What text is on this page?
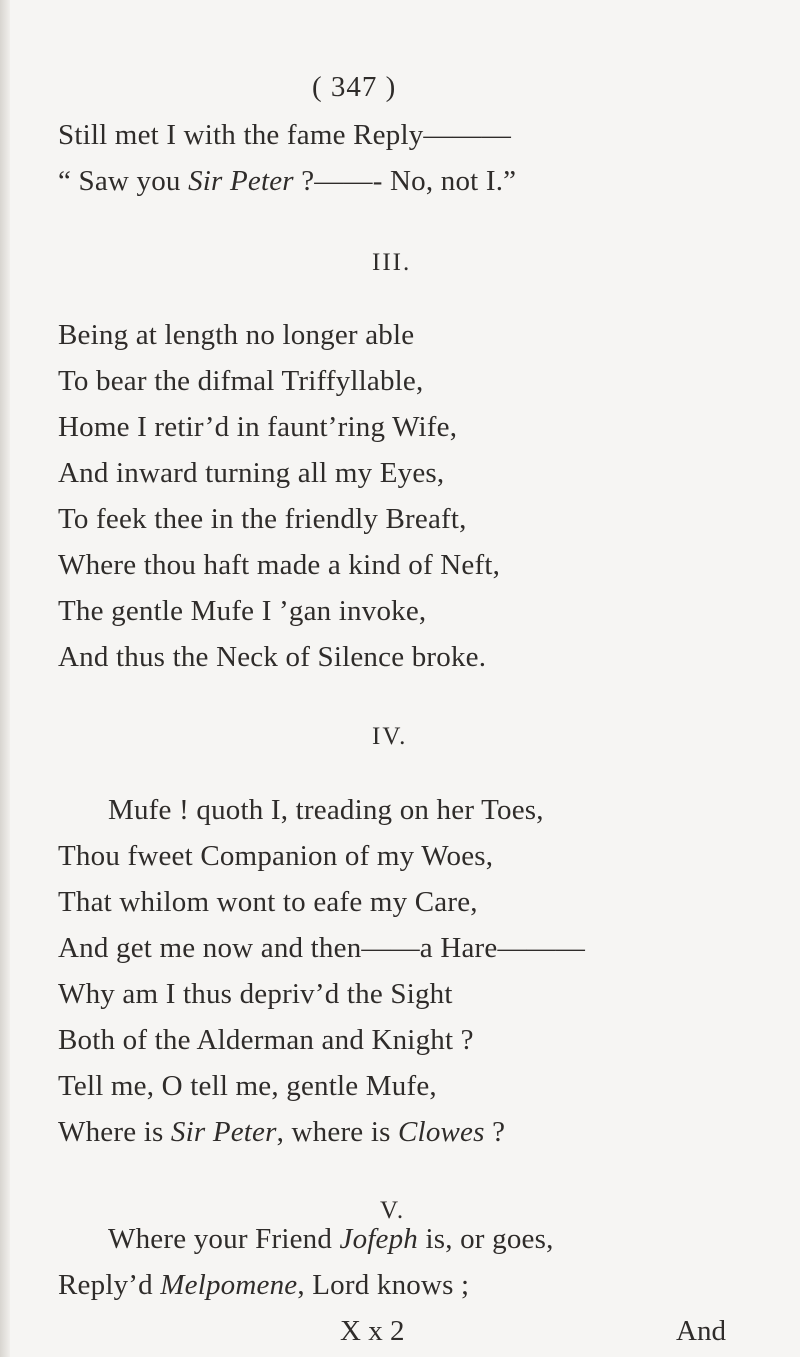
( 347 )
Still met I with the fame Reply———
“ Saw you Sir Peter ?——- No, not I.”
III.
Being at length no longer able
To bear the difmal Triffyllable,
Home I retir’d in faunt’ring Wife,
And inward turning all my Eyes,
To feek thee in the friendly Breaft,
Where thou haft made a kind of Neft,
The gentle Mufe I ’gan invoke,
And thus the Neck of Silence broke.
IV.
Mufe ! quoth I, treading on her Toes,
Thou fweet Companion of my Woes,
That whilom wont to eafe my Care,
And get me now and then——a Hare———
Why am I thus depriv’d the Sight
Both of the Alderman and Knight ?
Tell me, O tell me, gentle Mufe,
Where is Sir Peter, where is Clowes ?
V.
Where your Friend Jofeph is, or goes,
Reply’d Melpomene, Lord knows ;
X x 2	And
